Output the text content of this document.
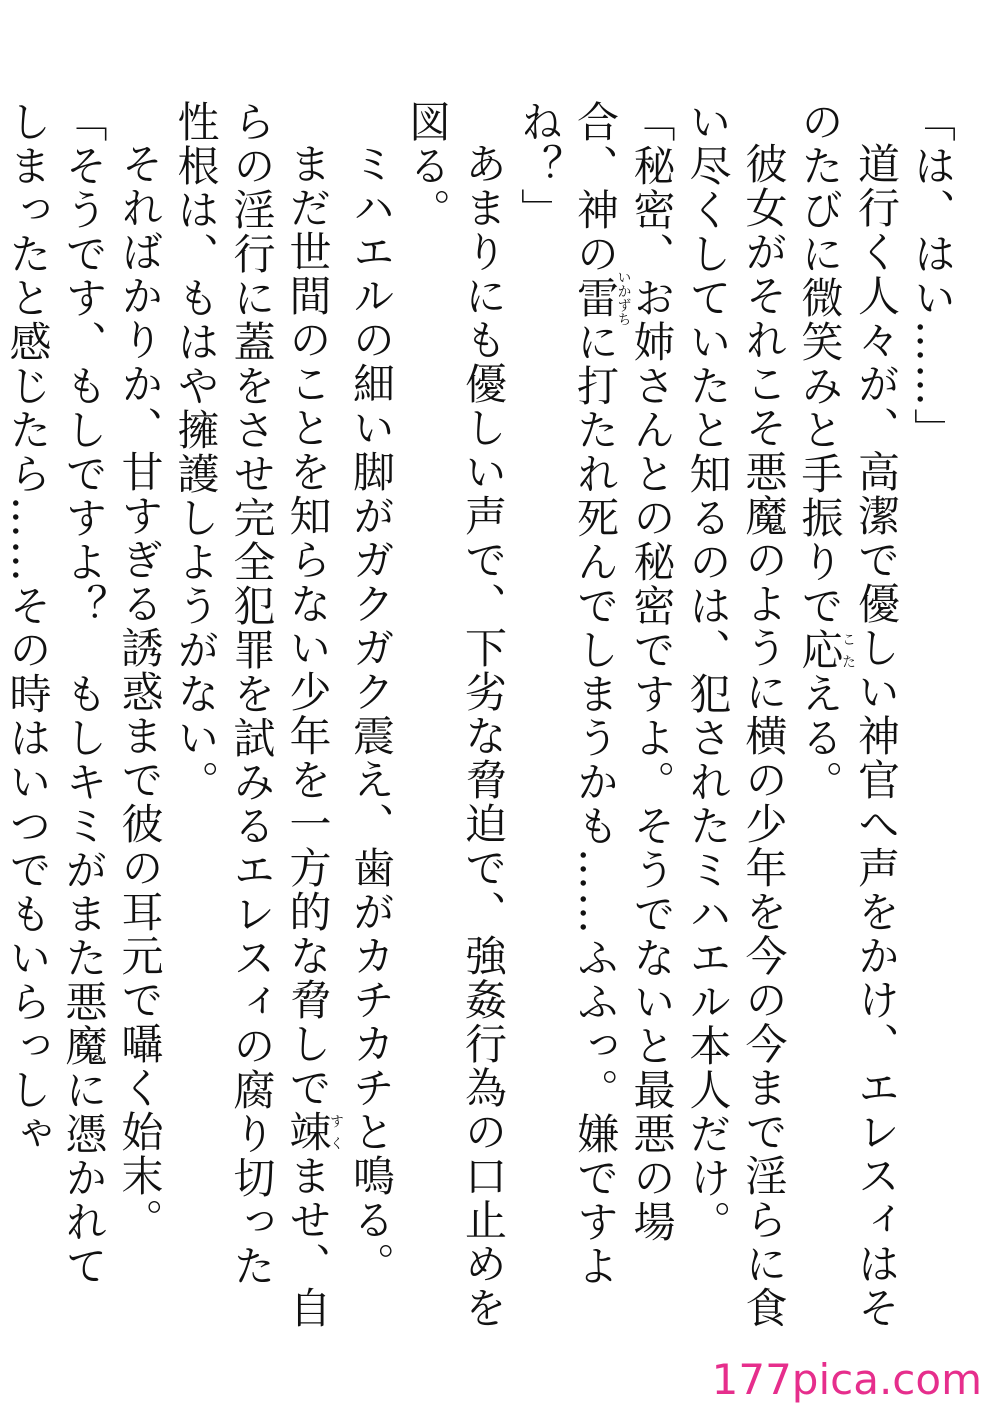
「は、はい……」

道行く人々が、高潔で優しい神官へ声をかけ、エレスィはそのたびに微笑みと手振りで応こたえる。

彼女がそれこそ悪魔のように横の少年を今の今まで淫らに食い尽くしていたと知るのは、犯されたミハエル本人だけ。

「秘密、お姉さんとの秘密ですよ。そうでないと最悪の場合、神の雷いかずちに打たれ死んでしまうかも……ふふっ。嫌ですよね？」

あまりにも優しい声で、下劣な脅迫で、強姦行為の口止めを図る。

ミハエルの細い脚がガクガク震え、歯がカチカチと鳴る。

まだ世間のことを知らない少年を一方的な脅しで竦すくませ、自らの淫行に蓋をさせ完全犯罪を試みるエレスィの腐り切った性根は、もはや擁護しようがない。

そればかりか、甘すぎる誘惑まで彼の耳元で囁く始末。

「そうです、もしですよ？　もしキミがまた悪魔に憑かれてしまったと感じたら……その時はいつでもいらっしゃ

177pica.com
